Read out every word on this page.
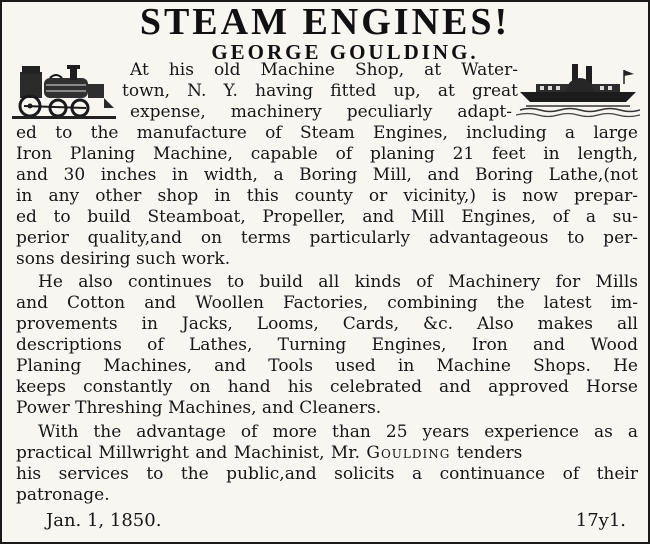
STEAM ENGINES!
GEORGE GOULDING.
At his old Machine Shop, at Water-
town, N. Y. having fitted up, at great
expense, machinery peculiarly adapt-
ed to the manufacture of Steam Engines, including a large
Iron Planing Machine, capable of planing 21 feet in length,
and 30 inches in width, a Boring Mill, and Boring Lathe,(not
in any other shop in this county or vicinity,) is now prepar-
ed to build Steamboat, Propeller, and Mill Engines, of a su-
perior quality,and on terms particularly advantageous to per-
sons desiring such work.
He also continues to build all kinds of Machinery for Mills
and Cotton and Woollen Factories, combining the latest im-
provements in Jacks, Looms, Cards, &c. Also makes all
descriptions of Lathes, Turning Engines, Iron and Wood
Planing Machines, and Tools used in Machine Shops. He
keeps constantly on hand his celebrated and approved Horse
Power Threshing Machines, and Cleaners.
With the advantage of more than 25 years experience as a
practical Millwright and Machinist, Mr. Goulding tenders
his services to the public,and solicits a continuance of their
patronage.
Jan. 1, 1850.	17y1.
